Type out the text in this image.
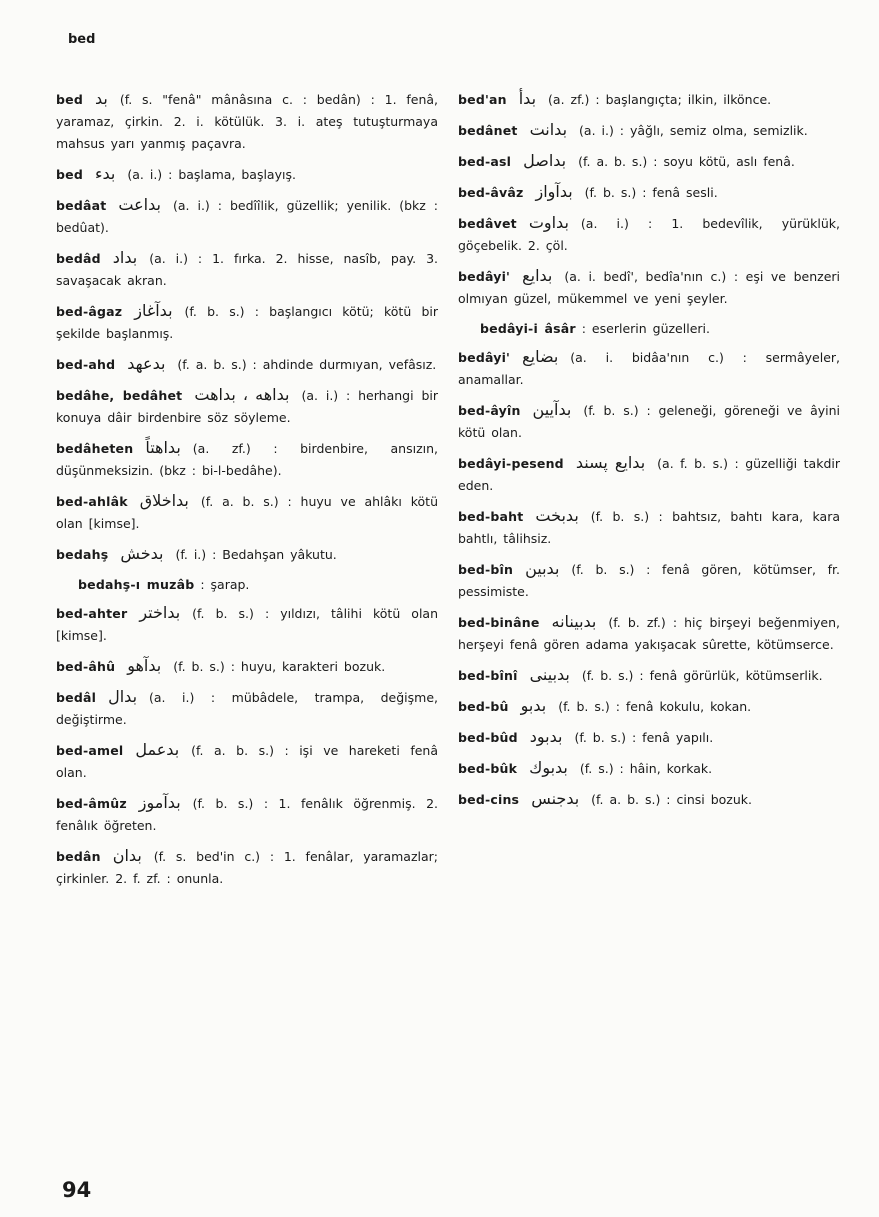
bed
bed بد (f. s. "fenâ" mânâsına c. : bedân) : 1. fenâ, yaramaz, çirkin. 2. i. kötülük. 3. i. ateş tutuşturmaya mahsus yarı yanmış paçavra.
bed بدء (a. i.) : başlama, başlayış.
bedâat بداعت (a. i.) : bedîîlik, güzellik; yenilik. (bkz : bedûat).
bedâd بداد (a. i.) : 1. fırka. 2. hisse, nasîb, pay. 3. savaşacak akran.
bed-âgaz بدآغاز (f. b. s.) : başlangıcı kötü; kötü bir şekilde başlanmış.
bed-ahd بدعهد (f. a. b. s.) : ahdinde durmıyan, vefâsız.
bedâhe, bedâhet بداهه ، بداهت (a. i.) : herhangi bir konuya dâir birdenbire söz söyleme.
bedâheten بداهتاً (a. zf.) : birdenbire, ansızın, düşünmeksizin. (bkz : bi-l-bedâhe).
bed-ahlâk بداخلاق (f. a. b. s.) : huyu ve ahlâkı kötü olan [kimse].
bedahş بدخش (f. i.) : Bedahşan yâkutu.
bedahş-ı muzâb : şarap.
bed-ahter بداختر (f. b. s.) : yıldızı, tâlihi kötü olan [kimse].
bed-âhû بدآهو (f. b. s.) : huyu, karakteri bozuk.
bedâl بدال (a. i.) : mübâdele, trampa, değişme, değiştirme.
bed-amel بدعمل (f. a. b. s.) : işi ve hareketi fenâ olan.
bed-âmûz بدآموز (f. b. s.) : 1. fenâlık öğrenmiş. 2. fenâlık öğreten.
bedân بدان (f. s. bed'in c.) : 1. fenâlar, yaramazlar; çirkinler. 2. f. zf. : onunla.
bed'an بدأ (a. zf.) : başlangıçta; ilkin, ilkönce.
bedânet بدانت (a. i.) : yâğlı, semiz olma, semizlik.
bed-asl بداصل (f. a. b. s.) : soyu kötü, aslı fenâ.
bed-âvâz بدآواز (f. b. s.) : fenâ sesli.
bedâvet بداوت (a. i.) : 1. bedevîlik, yürüklük, göçebelik. 2. çöl.
bedâyi' بدايع (a. i. bedî', bedîa'nın c.) : eşi ve benzeri olmıyan güzel, mükemmel ve yeni şeyler.
bedâyi-i âsâr : eserlerin güzelleri.
bedâyi' بضايع (a. i. bidâa'nın c.) : sermâyeler, anamallar.
bed-âyîn بدآيين (f. b. s.) : geleneği, göreneği ve âyini kötü olan.
bedâyi-pesend بدايع پسند (a. f. b. s.) : güzelliği takdir eden.
bed-baht بدبخت (f. b. s.) : bahtsız, bahtı kara, kara bahtlı, tâlihsiz.
bed-bîn بدبين (f. b. s.) : fenâ gören, kötümser, fr. pessimiste.
bed-binâne بدبينانه (f. b. zf.) : hiç birşeyi beğenmiyen, herşeyi fenâ gören adama yakışacak sûrette, kötümserce.
bed-bînî بدبينى (f. b. s.) : fenâ görürlük, kötümserlik.
bed-bû بدبو (f. b. s.) : fenâ kokulu, kokan.
bed-bûd بدبود (f. b. s.) : fenâ yapılı.
bed-bûk بدبوك (f. s.) : hâin, korkak.
bed-cins بدجنس (f. a. b. s.) : cinsi bozuk.
94
